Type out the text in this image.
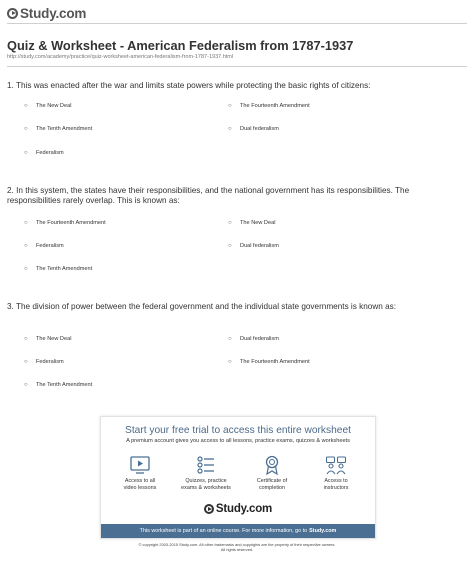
Study.com
Quiz & Worksheet - American Federalism from 1787-1937
http://study.com/academy/practice/quiz-worksheet-american-federalism-from-1787-1937.html
1. This was enacted after the war and limits state powers while protecting the basic rights of citizens:
○	The New Deal	○	The Fourteenth Amendment
○	The Tenth Amendment	○	Dual federalism
○	Federalism
2. In this system, the states have their responsibilities, and the national government has its responsibilities. The responsibilities rarely overlap. This is known as:
○	The Fourteenth Amendment	○	The New Deal
○	Federalism	○	Dual federalism
○	The Tenth Amendment
3. The division of power between the federal government and the individual state governments is known as:
○	The New Deal	○	Dual federalism
○	Federalism	○	The Fourteenth Amendment
○	The Tenth Amendment
Start your free trial to access this entire worksheet
A premium account gives you access to all lessons, practice exams, quizzes & worksheets
Access to all
video lessons
Quizzes, practice
exams & worksheets
Certificate of
completion
Access to
instructors
Study.com
This worksheet is part of an online course. For more information, go to Study.com
© copyright 2003-2015 Study.com. All other trademarks and copyrights are the property of their respective owners.
All rights reserved.
